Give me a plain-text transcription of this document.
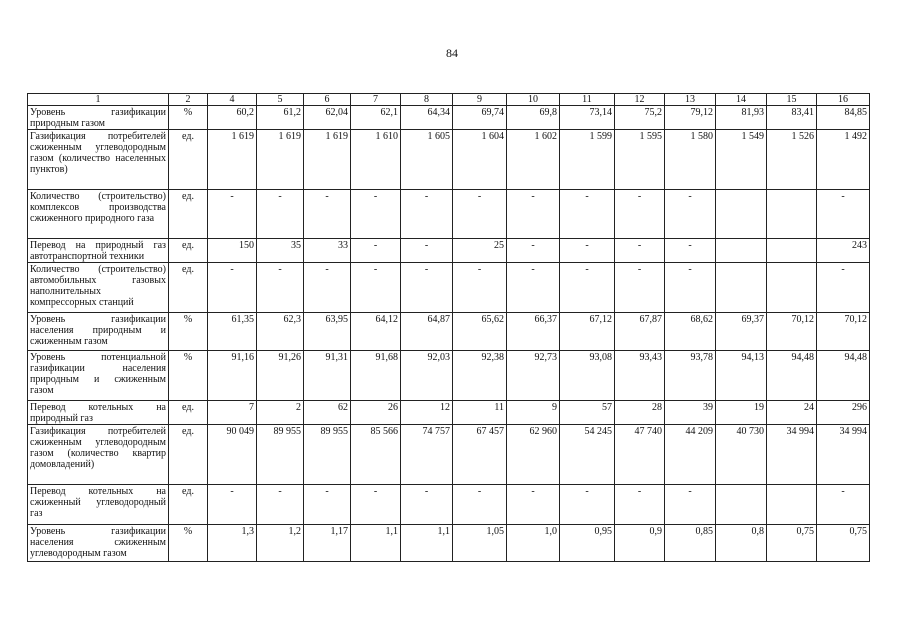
84
1	2	4	5	6	7	8	9	10	11	12	13	14	15	16
Уровень газификации природным газом	%	60,2	61,2	62,04	62,1	64,34	69,74	69,8	73,14	75,2	79,12	81,93	83,41	84,85
Газификация потребителей сжиженным углеводородным газом (количество населенных пунктов)	ед.	1 619	1 619	1 619	1 610	1 605	1 604	1 602	1 599	1 595	1 580	1 549	1 526	1 492
Количество (строительство) комплексов производства сжиженного природного газа	ед.	-	-	-	-	-	-	-	-	-	-			-
Перевод на природный газ автотранспортной техники	ед.	150	35	33	-	-	25	-	-	-	-			243
Количество (строительство) автомобильных газовых наполнительных компрессорных станций	ед.	-	-	-	-	-	-	-	-	-	-			-
Уровень газификации населения природным и сжиженным газом	%	61,35	62,3	63,95	64,12	64,87	65,62	66,37	67,12	67,87	68,62	69,37	70,12	70,12
Уровень потенциальной газификации населения природным и сжиженным газом	%	91,16	91,26	91,31	91,68	92,03	92,38	92,73	93,08	93,43	93,78	94,13	94,48	94,48
Перевод котельных на природный газ	ед.	7	2	62	26	12	11	9	57	28	39	19	24	296
Газификация потребителей сжиженным углеводородным газом (количество квартир домовладений)	ед.	90 049	89 955	89 955	85 566	74 757	67 457	62 960	54 245	47 740	44 209	40 730	34 994	34 994
Перевод котельных на сжиженный углеводородный газ	ед.	-	-	-	-	-	-	-	-	-	-			-
Уровень газификации населения сжиженным углеводородным газом	%	1,3	1,2	1,17	1,1	1,1	1,05	1,0	0,95	0,9	0,85	0,8	0,75	0,75
